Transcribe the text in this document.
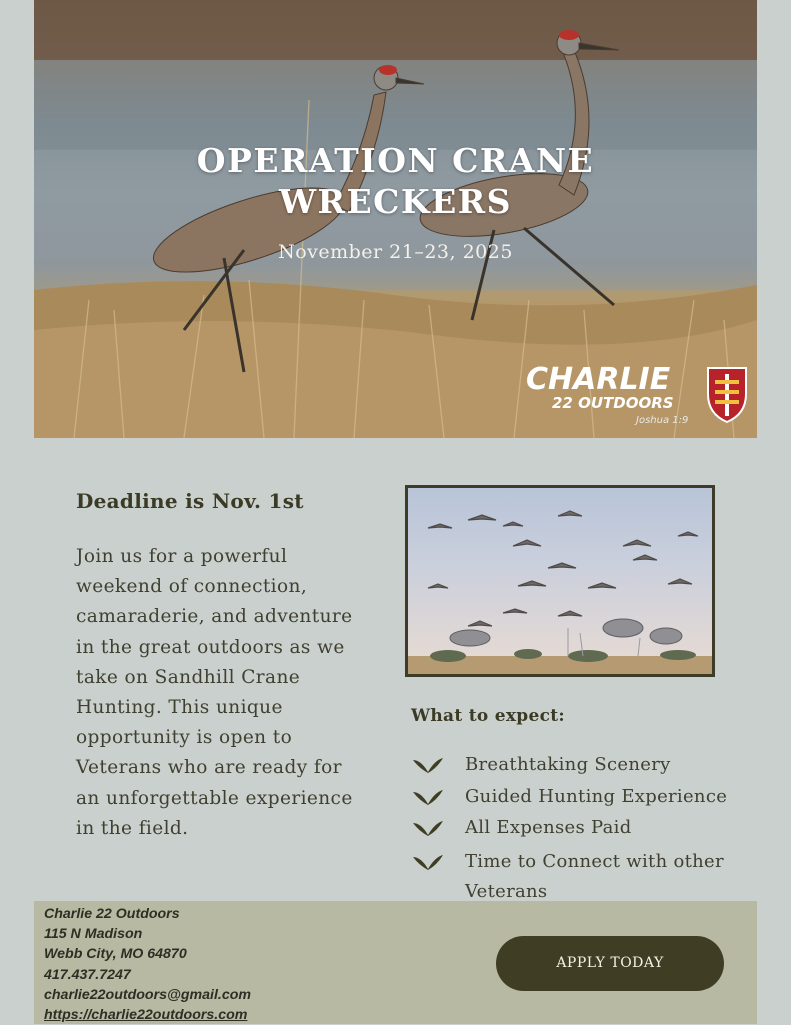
OPERATION CRANE
WRECKERS
November 21–23, 2025
CHARLIE
22 OUTDOORS
Joshua 1:9
Deadline is Nov. 1st
Join us for a powerful weekend of connection, camaraderie, and adventure in the great outdoors as we take on Sandhill Crane Hunting. This unique opportunity is open to Veterans who are ready for an unforgettable experience in the field.
What to expect:
Breathtaking Scenery
Guided Hunting Experience
All Expenses Paid
Time to Connect with other Veterans
Charlie 22 Outdoors
115 N Madison
Webb City, MO 64870
417.437.7247
charlie22outdoors@gmail.com
https://charlie22outdoors.com
APPLY TODAY
